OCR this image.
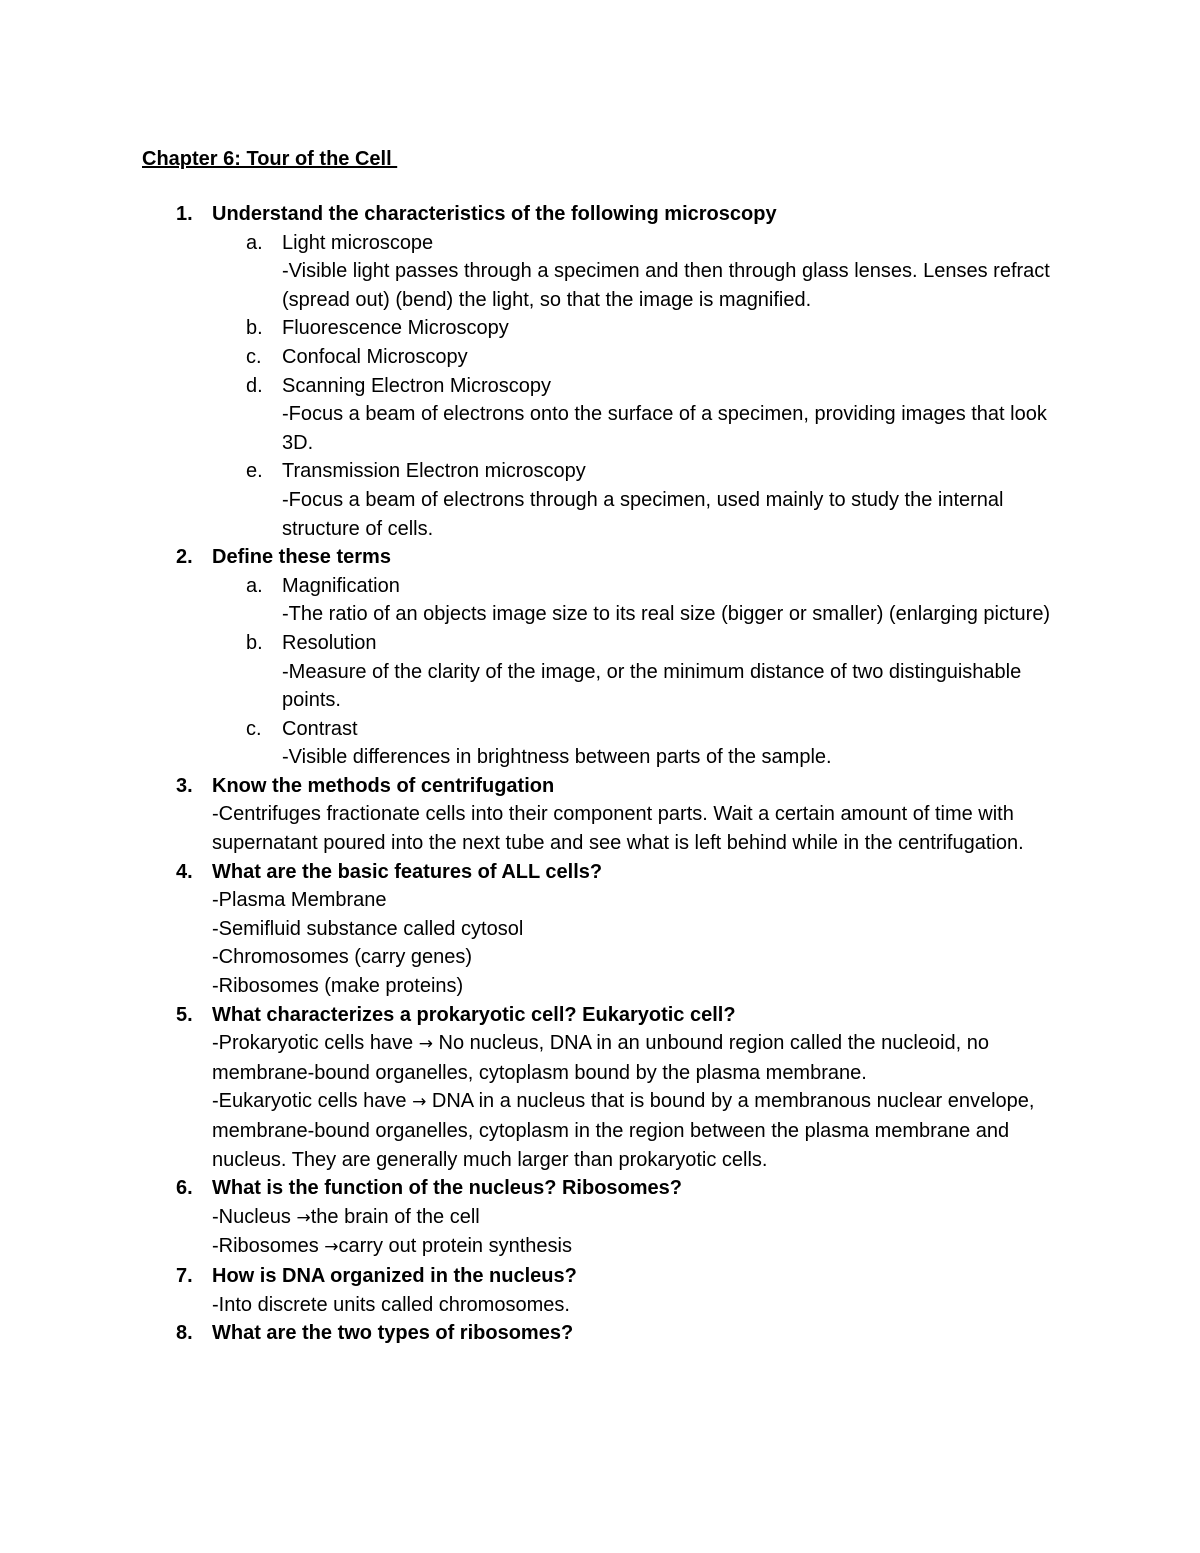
Chapter 6: Tour of the Cell
1. Understand the characteristics of the following microscopy
a. Light microscope
-Visible light passes through a specimen and then through glass lenses. Lenses refract (spread out) (bend) the light, so that the image is magnified.
b. Fluorescence Microscopy
c. Confocal Microscopy
d. Scanning Electron Microscopy
-Focus a beam of electrons onto the surface of a specimen, providing images that look 3D.
e. Transmission Electron microscopy
-Focus a beam of electrons through a specimen, used mainly to study the internal structure of cells.
2. Define these terms
a. Magnification
-The ratio of an objects image size to its real size (bigger or smaller) (enlarging picture)
b. Resolution
-Measure of the clarity of the image, or the minimum distance of two distinguishable points.
c. Contrast
-Visible differences in brightness between parts of the sample.
3. Know the methods of centrifugation
-Centrifuges fractionate cells into their component parts. Wait a certain amount of time with supernatant poured into the next tube and see what is left behind while in the centrifugation.
4. What are the basic features of ALL cells?
-Plasma Membrane
-Semifluid substance called cytosol
-Chromosomes (carry genes)
-Ribosomes (make proteins)
5. What characterizes a prokaryotic cell? Eukaryotic cell?
-Prokaryotic cells have → No nucleus, DNA in an unbound region called the nucleoid, no membrane-bound organelles, cytoplasm bound by the plasma membrane.
-Eukaryotic cells have → DNA in a nucleus that is bound by a membranous nuclear envelope, membrane-bound organelles, cytoplasm in the region between the plasma membrane and nucleus. They are generally much larger than prokaryotic cells.
6. What is the function of the nucleus? Ribosomes?
-Nucleus →the brain of the cell
-Ribosomes →carry out protein synthesis
7. How is DNA organized in the nucleus?
-Into discrete units called chromosomes.
8. What are the two types of ribosomes?
